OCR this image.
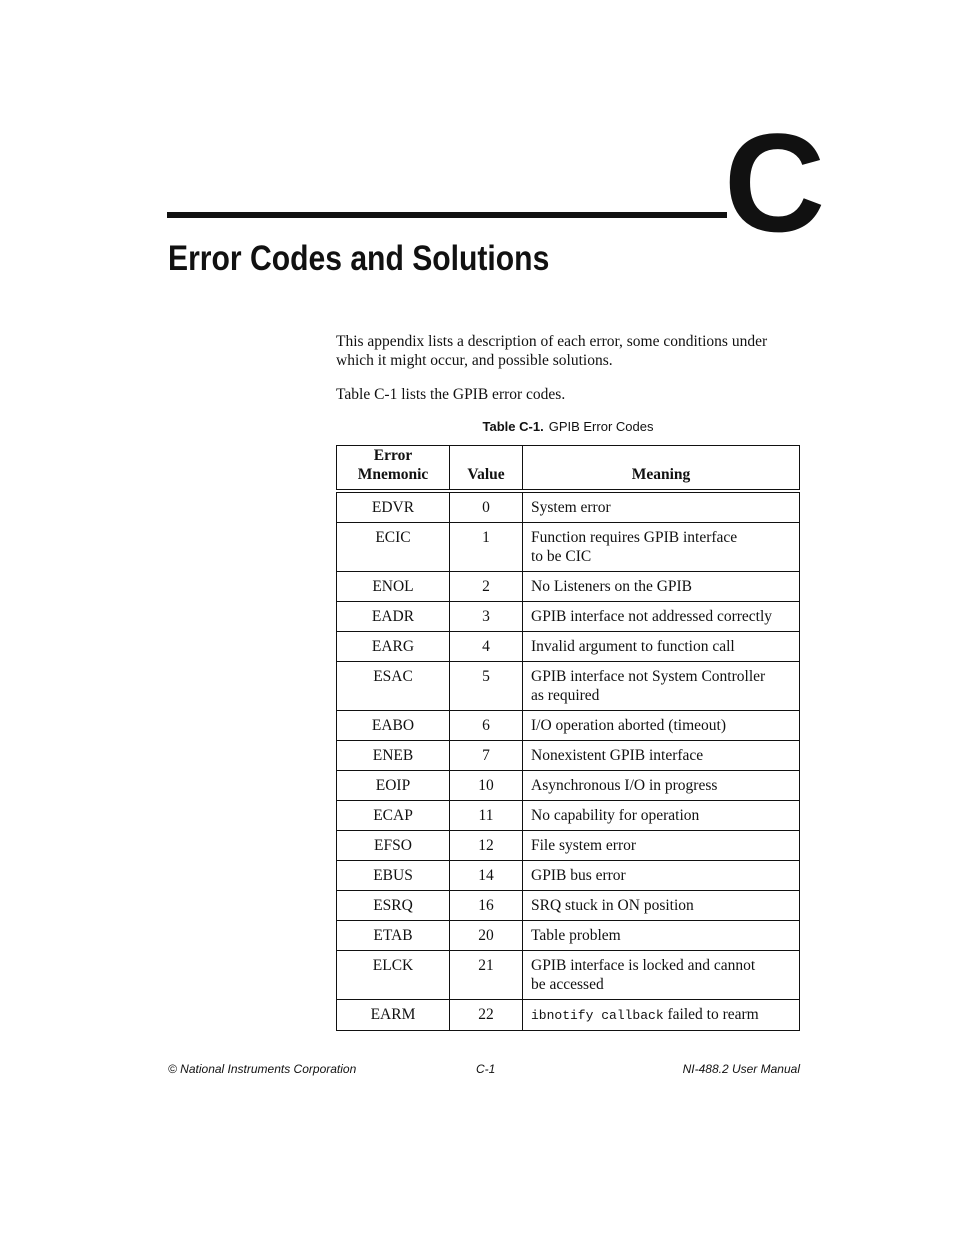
C
Error Codes and Solutions

This appendix lists a description of each error, some conditions under which it might occur, and possible solutions.

Table C-1 lists the GPIB error codes.

Table C-1. GPIB Error Codes
Error
Mnemonic	Value	Meaning
EDVR	0	System error
ECIC	1	Function requires GPIB interface
to be CIC
ENOL	2	No Listeners on the GPIB
EADR	3	GPIB interface not addressed correctly
EARG	4	Invalid argument to function call
ESAC	5	GPIB interface not System Controller
as required
EABO	6	I/O operation aborted (timeout)
ENEB	7	Nonexistent GPIB interface
EOIP	10	Asynchronous I/O in progress
ECAP	11	No capability for operation
EFSO	12	File system error
EBUS	14	GPIB bus error
ESRQ	16	SRQ stuck in ON position
ETAB	20	Table problem
ELCK	21	GPIB interface is locked and cannot
be accessed
EARM	22	ibnotify callback failed to rearm
© National Instruments Corporation	C-1	NI-488.2 User Manual
